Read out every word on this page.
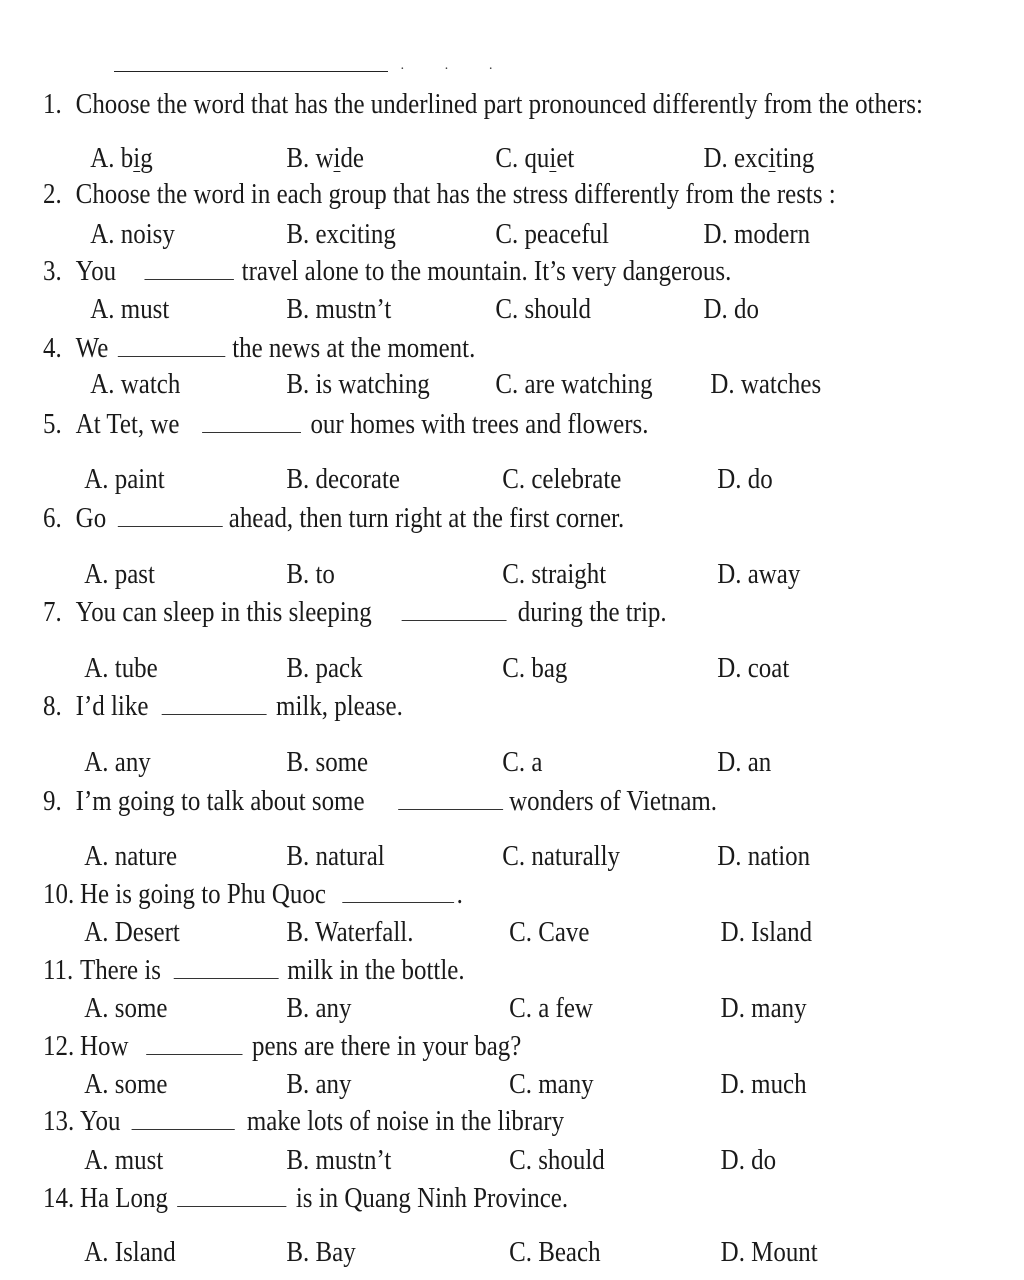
· · ·
1. Choose the word that has the underlined part pronounced differently from the others:
A. big	B. wide	C. quiet	D. exciting
2. Choose the word in each group that has the stress differently from the rests :
A. noisy	B. exciting	C. peaceful	D. modern
3. You	travel alone to the mountain. It’s very dangerous.
A. must	B. mustn’t	C. should	D. do
4. We	the news at the moment.
A. watch	B. is watching C. are watching D. watches
5. At Tet, we	our homes with trees and flowers.
A. paint	B. decorate	C. celebrate	D. do
6. Go	ahead, then turn right at the first corner.
A. past	B. to	C. straight	D. away
7. You can sleep in this sleeping	during the trip.
A. tube	B. pack	C. bag	D. coat
8. I’d like	milk, please.
A. any	B. some	C. a	D. an
9. I’m going to talk about some	wonders of Vietnam.
A. nature	B. natural	C. naturally	D. nation
10. He is going to Phu Quoc	.
A. Desert	B. Waterfall.	C. Cave	D. Island
11. There is	milk in the bottle.
A. some	B. any	C. a few	D. many
12. How	pens are there in your bag?
A. some	B. any	C. many	D. much
13. You	make lots of noise in the library
A. must	B. mustn’t	C. should	D. do
14. Ha Long	is in Quang Ninh Province.
A. Island	B. Bay	C. Beach	D. Mount
